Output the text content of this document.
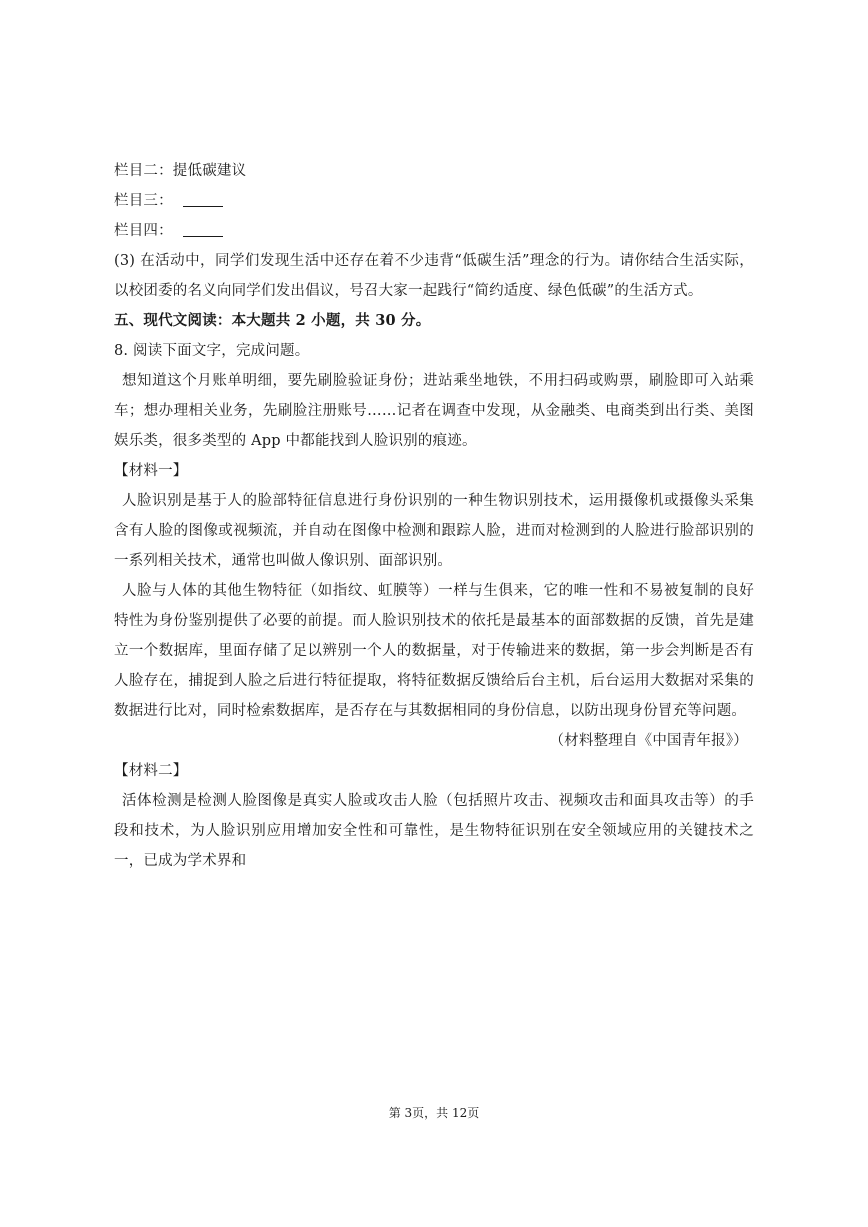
栏目二：提低碳建议

栏目三：

栏目四：

(3) 在活动中，同学们发现生活中还存在着不少违背“低碳生活”理念的行为。请你结合生活实际，以校团委的名义向同学们发出倡议，号召大家一起践行“简约适度、绿色低碳”的生活方式。

五、现代文阅读：本大题共 2 小题，共 30 分。

8. 阅读下面文字，完成问题。

想知道这个月账单明细，要先刷脸验证身份；进站乘坐地铁，不用扫码或购票，刷脸即可入站乘车；想办理相关业务，先刷脸注册账号……记者在调查中发现，从金融类、电商类到出行类、美图娱乐类，很多类型的 App 中都能找到人脸识别的痕迹。

【材料一】

人脸识别是基于人的脸部特征信息进行身份识别的一种生物识别技术，运用摄像机或摄像头采集含有人脸的图像或视频流，并自动在图像中检测和跟踪人脸，进而对检测到的人脸进行脸部识别的一系列相关技术，通常也叫做人像识别、面部识别。

人脸与人体的其他生物特征（如指纹、虹膜等）一样与生俱来，它的唯一性和不易被复制的良好特性为身份鉴别提供了必要的前提。而人脸识别技术的依托是最基本的面部数据的反馈，首先是建立一个数据库，里面存储了足以辨别一个人的数据量，对于传输进来的数据，第一步会判断是否有人脸存在，捕捉到人脸之后进行特征提取，将特征数据反馈给后台主机，后台运用大数据对采集的数据进行比对，同时检索数据库，是否存在与其数据相同的身份信息，以防出现身份冒充等问题。

（材料整理自《中国青年报》）

【材料二】

活体检测是检测人脸图像是真实人脸或攻击人脸（包括照片攻击、视频攻击和面具攻击等）的手段和技术，为人脸识别应用增加安全性和可靠性，是生物特征识别在安全领域应用的关键技术之一，已成为学术界和

第 3页，共 12页
